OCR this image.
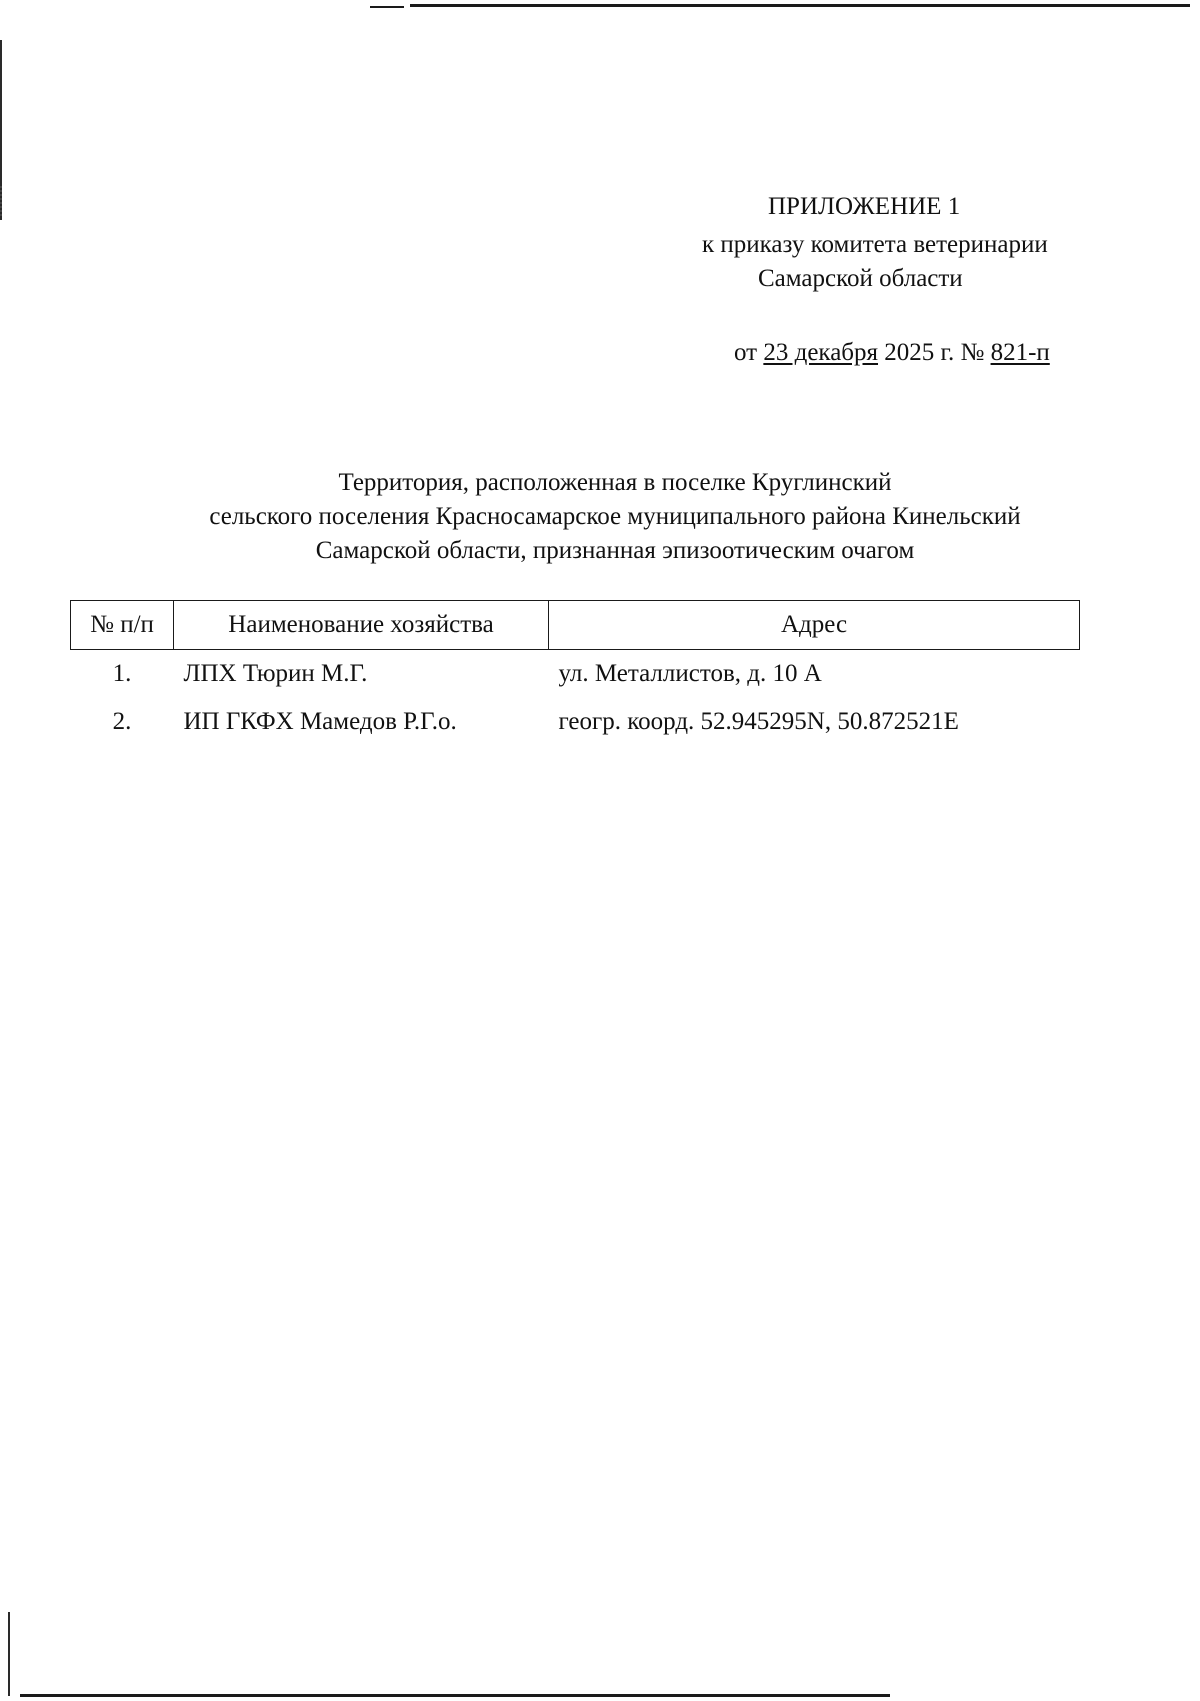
ПРИЛОЖЕНИЕ 1
к приказу комитета ветеринарии
Самарской области
от 23 декабря 2025 г. № 821-п
Территория, расположенная в поселке Круглинский
сельского поселения Красносамарское муниципального района Кинельский
Самарской области, признанная эпизоотическим очагом
№ п/п	Наименование хозяйства	Адрес
1.	ЛПХ Тюрин М.Г.	ул. Металлистов, д. 10 А
2.	ИП ГКФХ Мамедов Р.Г.о.	геогр. коорд. 52.945295N, 50.872521E
